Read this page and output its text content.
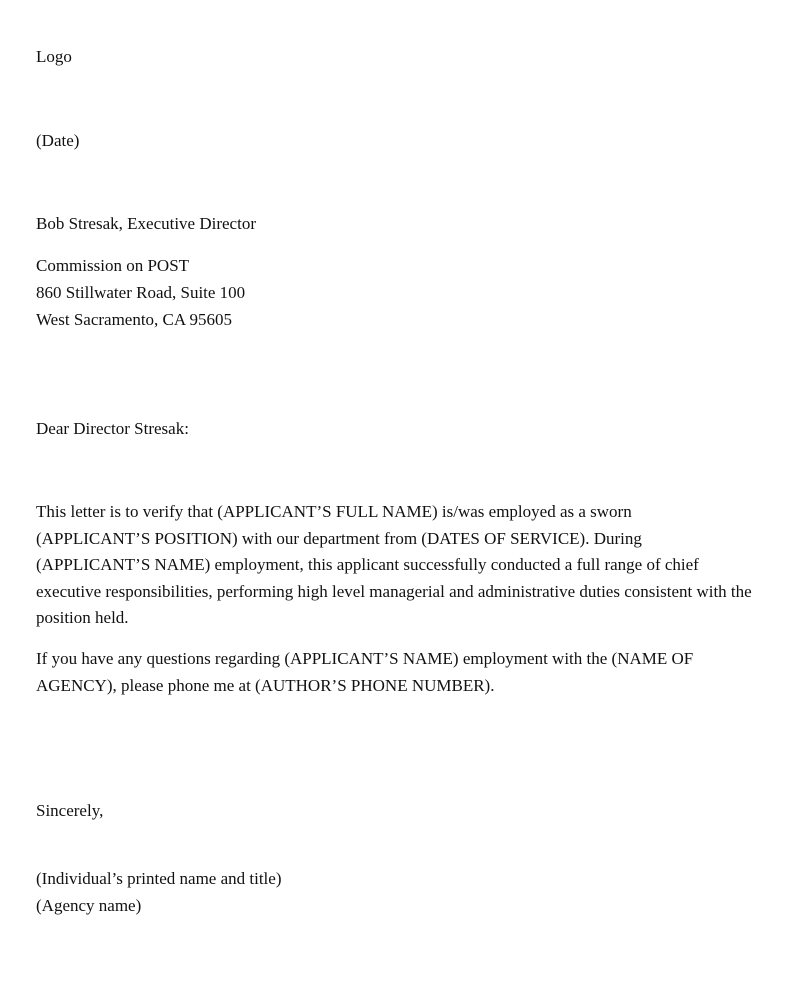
Logo
(Date)
Bob Stresak, Executive Director
Commission on POST
860 Stillwater Road, Suite 100
West Sacramento, CA 95605
Dear Director Stresak:
This letter is to verify that (APPLICANT’S FULL NAME) is/was employed as a sworn
(APPLICANT’S POSITION) with our department from (DATES OF SERVICE). During
(APPLICANT’S NAME) employment, this applicant successfully conducted a full range of chief
executive responsibilities, performing high level managerial and administrative duties consistent with the
position held.
If you have any questions regarding (APPLICANT’S NAME) employment with the (NAME OF
AGENCY), please phone me at (AUTHOR’S PHONE NUMBER).
Sincerely,
(Individual’s printed name and title)
(Agency name)
